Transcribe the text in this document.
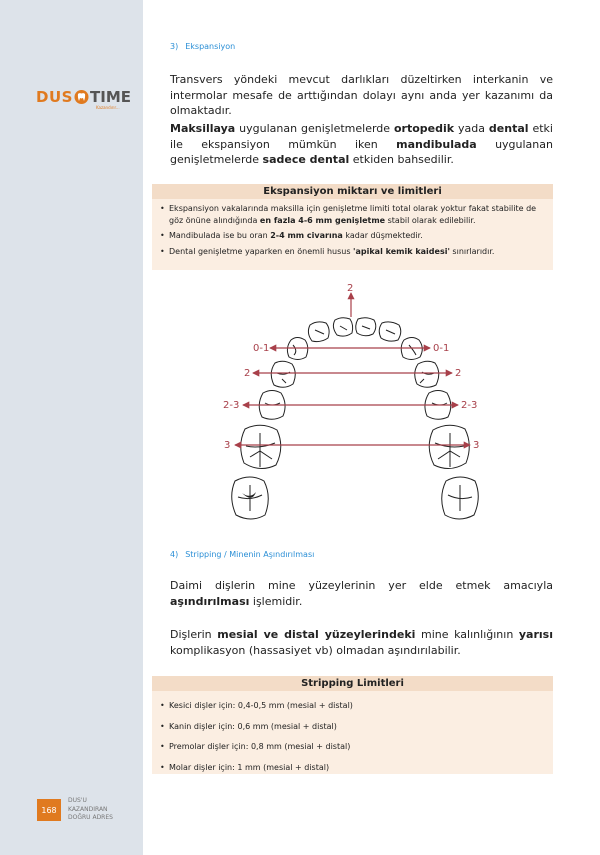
DUS TIME
Kazandırır...
168
DUS'U
KAZANDIRAN
DOĞRU ADRES
3) Ekspansiyon
Transvers yöndeki mevcut darlıkları düzeltirken interkanin ve intermolar mesafe de arttığından dolayı aynı anda yer kazanımı da olmaktadır.
Maksillaya uygulanan genişletmelerde ortopedik yada dental etki ile ekspansiyon mümkün iken mandibulada uygulanan genişletmelerde sadece dental etkiden bahsedilir.
Ekspansiyon miktarı ve limitleri
• Ekspansiyon vakalarında maksilla için genişletme limiti total olarak yoktur fakat stabilite de göz önüne alındığında en fazla 4-6 mm genişletme stabil olarak edilebilir.
• Mandibulada ise bu oran 2-4 mm civarına kadar düşmektedir.
• Dental genişletme yaparken en önemli husus 'apikal kemik kaidesi' sınırlarıdır.
2
0-1	0-1
2	2
2-3	2-3
3	3
4) Stripping / Minenin Aşındırılması
Daimi dişlerin mine yüzeylerinin yer elde etmek amacıyla aşındırılması işlemidir.
Dişlerin mesial ve distal yüzeylerindeki mine kalınlığının yarısı komplikasyon (hassasiyet vb) olmadan aşındırılabilir.
Stripping Limitleri
• Kesici dişler için: 0,4-0,5 mm (mesial + distal)
• Kanin dişler için: 0,6 mm (mesial + distal)
• Premolar dişler için: 0,8 mm (mesial + distal)
• Molar dişler için: 1 mm (mesial + distal)
